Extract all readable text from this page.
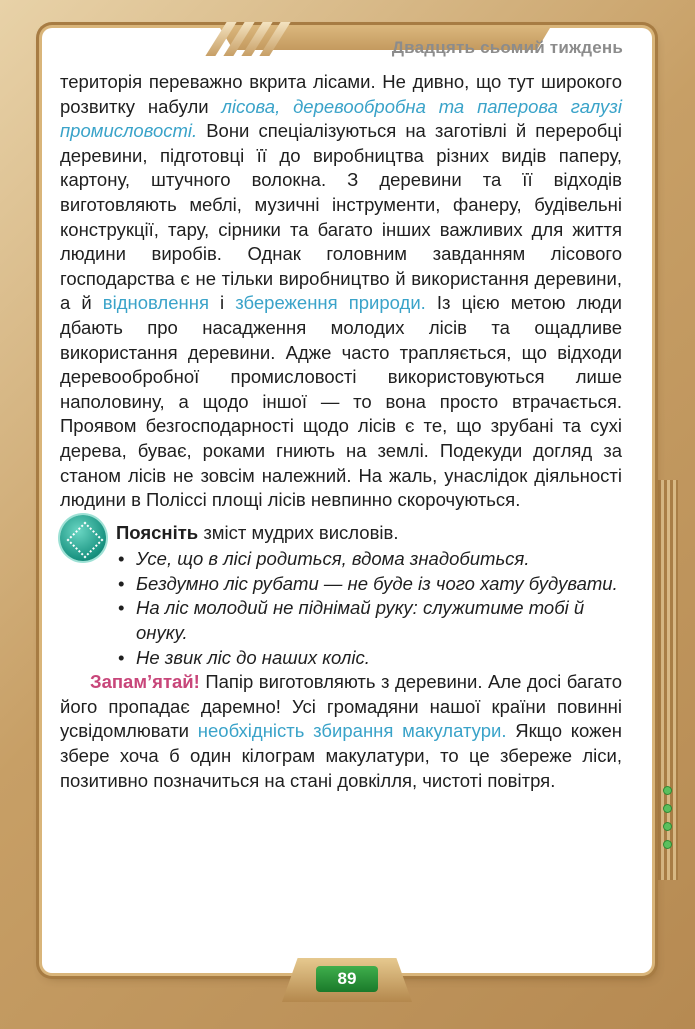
Двадцять сьомий тиждень

територія переважно вкрита лісами. Не дивно, що тут широкого розвитку набули лісова, деревообробна та паперова галузі промисловості. Вони спеціалізуються на заготівлі й переробці деревини, підготовці її до виробництва різних видів паперу, картону, штучного волокна. З деревини та її відходів виготовляють меблі, музичні інструменти, фанеру, будівельні конструкції, тару, сірники та багато інших важливих для життя людини виробів. Однак головним завданням лісового господарства є не тільки виробництво й використання деревини, а й відновлення і збереження природи. Із цією метою люди дбають про насадження молодих лісів та ощадливе використання деревини. Адже часто трапляється, що відходи деревообробної промисловості використовуються лише наполовину, а щодо іншої — то вона просто втрачається. Проявом безгосподарності щодо лісів є те, що зрубані та сухі дерева, буває, роками гниють на землі. Подекуди догляд за станом лісів не зовсім належний. На жаль, унаслідок діяльності людини в Поліссі площі лісів невпинно скорочуються.

Поясніть зміст мудрих висловів.
• Усе, що в лісі родиться, вдома знадобиться.
• Бездумно ліс рубати — не буде із чого хату будувати.
• На ліс молодий не піднімай руку: служитиме тобі й онуку.
• Не звик ліс до наших коліс.

Запам’ятай! Папір виготовляють з деревини. Але досі багато його пропадає даремно! Усі громадяни нашої країни повинні усвідомлювати необхідність збирання макулатури. Якщо кожен збере хоча б один кілограм макулатури, то це збереже ліси, позитивно позначиться на стані довкілля, чистоті повітря.

89
